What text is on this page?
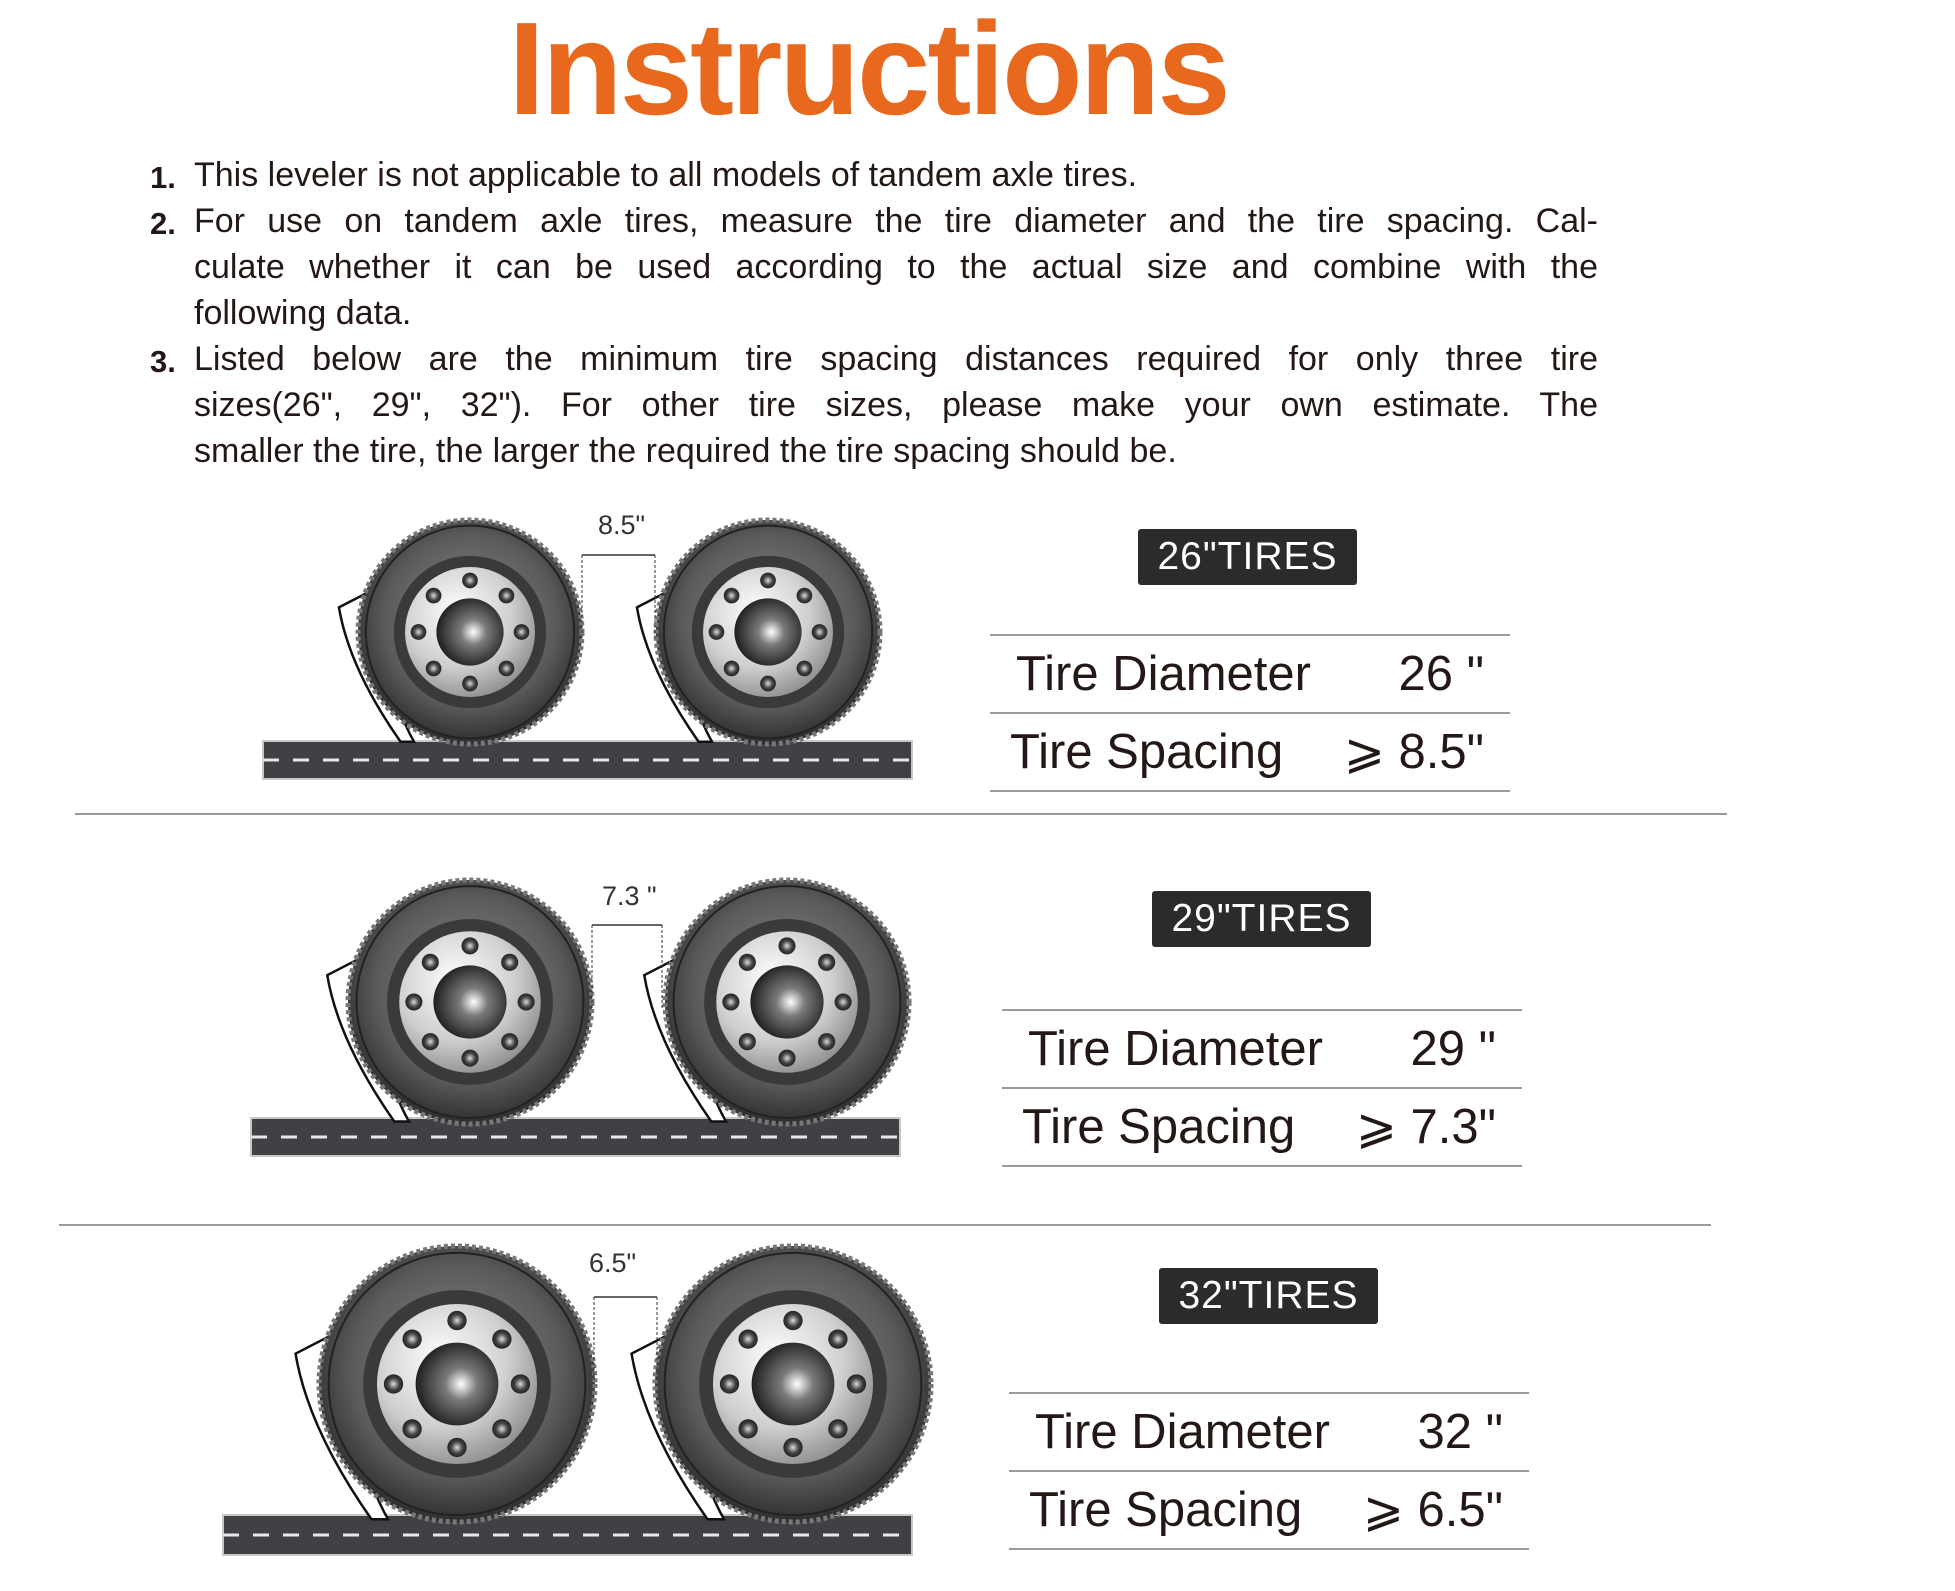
Instructions
1. This leveler is not applicable to all models of tandem axle tires.
2. For use on tandem axle tires, measure the tire diameter and the tire spacing. Cal-
culate whether it can be used according to the actual size and combine with the
following data.
3. Listed below are the minimum tire spacing distances required for only three tire
sizes(26", 29", 32"). For other tire sizes, please make your own estimate. The
smaller the tire, the larger the required the tire spacing should be.
8.5"
7.3 "
6.5"
26"TIRES
Tire Diameter 26 "
Tire Spacing ⩾ 8.5"
29"TIRES
Tire Diameter 29 "
Tire Spacing ⩾ 7.3"
32"TIRES
Tire Diameter 32 "
Tire Spacing ⩾ 6.5"
